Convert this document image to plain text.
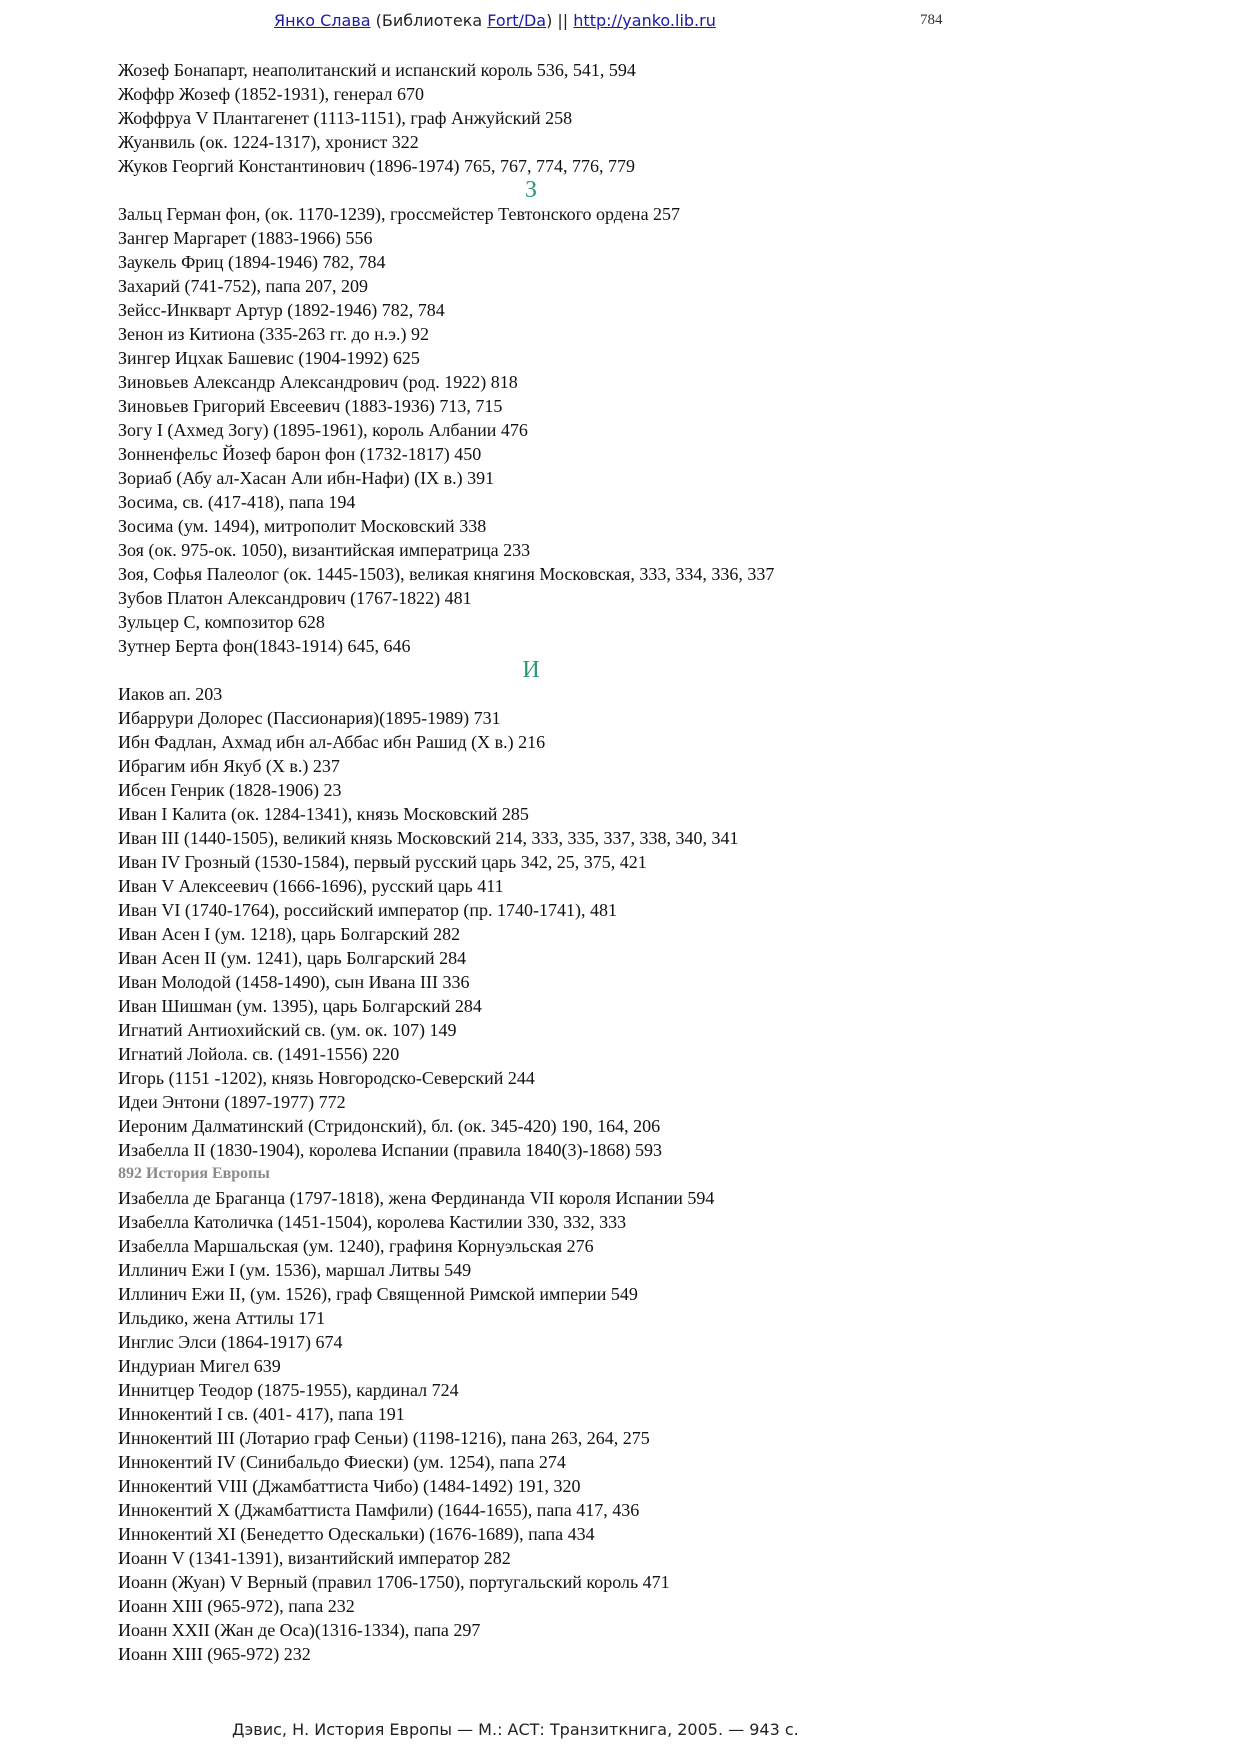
Янко Слава (Библиотека Fort/Da) || http://yanko.lib.ru	784
Жозеф Бонапарт, неаполитанский и испанский король 536, 541, 594
Жоффр Жозеф (1852-1931), генерал 670
Жоффруа V Плантагенет (1113-1151), граф Анжуйский 258
Жуанвиль (ок. 1224-1317), хронист 322
Жуков Георгий Константинович (1896-1974) 765, 767, 774, 776, 779
З
Зальц Герман фон, (ок. 1170-1239), гроссмейстер Тевтонского ордена 257
Зангер Маргарет (1883-1966) 556
Заукель Фриц (1894-1946) 782, 784
Захарий (741-752), папа 207, 209
Зейсс-Инкварт Артур (1892-1946) 782, 784
Зенон из Китиона (335-263 гг. до н.э.) 92
Зингер Ицхак Башевис (1904-1992) 625
Зиновьев Александр Александрович (род. 1922) 818
Зиновьев Григорий Евсеевич (1883-1936) 713, 715
Зогу I (Ахмед Зогу) (1895-1961), король Албании 476
Зонненфельс Йозеф барон фон (1732-1817) 450
Зориаб (Абу ал-Хасан Али ибн-Нафи) (IX в.) 391
Зосима, св. (417-418), папа 194
Зосима (ум. 1494), митрополит Московский 338
Зоя (ок. 975-ок. 1050), византийская императрица 233
Зоя, Софья Палеолог (ок. 1445-1503), великая княгиня Московская, 333, 334, 336, 337
Зубов Платон Александрович (1767-1822) 481
Зульцер С, композитор 628
Зутнер Берта фон(1843-1914) 645, 646
И
Иаков ап. 203
Ибаррури Долорес (Пассионария)(1895-1989) 731
Ибн Фадлан, Ахмад ибн ал-Аббас ибн Рашид (X в.) 216
Ибрагим ибн Якуб (X в.) 237
Ибсен Генрик (1828-1906) 23
Иван I Калита (ок. 1284-1341), князь Московский 285
Иван III (1440-1505), великий князь Московский 214, 333, 335, 337, 338, 340, 341
Иван IV Грозный (1530-1584), первый русский царь 342, 25, 375, 421
Иван V Алексеевич (1666-1696), русский царь 411
Иван VI (1740-1764), российский император (пр. 1740-1741), 481
Иван Асен I (ум. 1218), царь Болгарский 282
Иван Асен II (ум. 1241), царь Болгарский 284
Иван Молодой (1458-1490), сын Ивана III 336
Иван Шишман (ум. 1395), царь Болгарский 284
Игнатий Антиохийский св. (ум. ок. 107) 149
Игнатий Лойола. св. (1491-1556) 220
Игорь (1151 -1202), князь Новгородско-Северский 244
Идеи Энтони (1897-1977) 772
Иероним Далматинский (Стридонский), бл. (ок. 345-420) 190, 164, 206
Изабелла II (1830-1904), королева Испании (правила 1840(3)-1868) 593
892 История Европы
Изабелла де Браганца (1797-1818), жена Фердинанда VII короля Испании 594
Изабелла Католичка (1451-1504), королева Кастилии 330, 332, 333
Изабелла Маршальская (ум. 1240), графиня Корнуэльская 276
Иллинич Ежи I (ум. 1536), маршал Литвы 549
Иллинич Ежи II, (ум. 1526), граф Священной Римской империи 549
Ильдико, жена Аттилы 171
Инглис Элси (1864-1917) 674
Индуриан Мигел 639
Иннитцер Теодор (1875-1955), кардинал 724
Иннокентий I св. (401- 417), папа 191
Иннокентий III (Лотарио граф Сеньи) (1198-1216), пана 263, 264, 275
Иннокентий IV (Синибальдо Фиески) (ум. 1254), папа 274
Иннокентий VIII (Джамбаттиста Чибо) (1484-1492) 191, 320
Иннокентий X (Джамбаттиста Памфили) (1644-1655), папа 417, 436
Иннокентий XI (Бенедетто Одескальки) (1676-1689), папа 434
Иоанн V (1341-1391), византийский император 282
Иоанн (Жуан) V Верный (правил 1706-1750), португальский король 471
Иоанн XIII (965-972), папа 232
Иоанн XXII (Жан де Оса)(1316-1334), папа 297
Иоанн XIII (965-972) 232
Дэвис, Н. История Европы — М.: АСТ: Транзиткнига, 2005. — 943 с.
